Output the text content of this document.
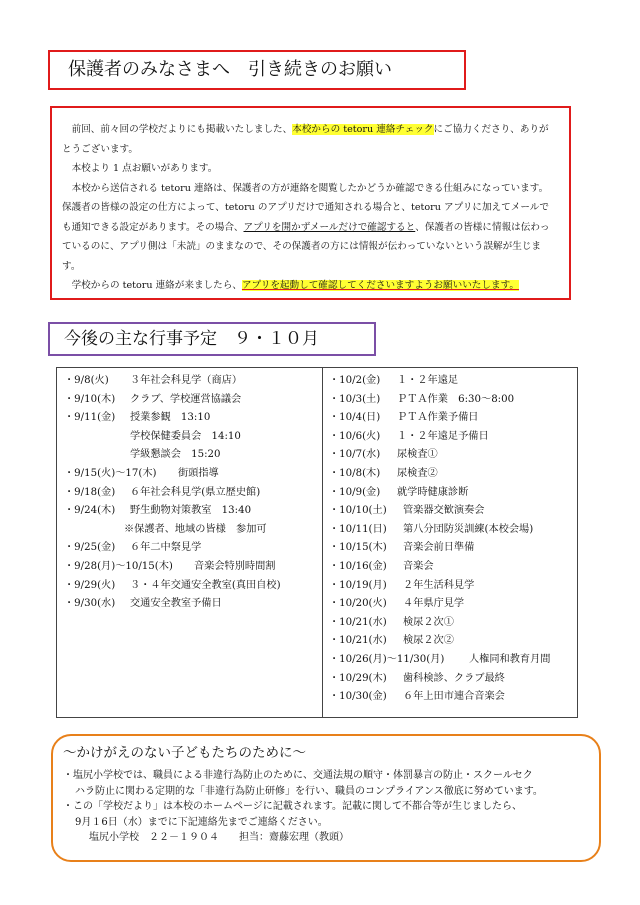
保護者のみなさまへ　引き続きのお願い

前回、前々回の学校だよりにも掲載いたしました、本校からの tetoru 連絡チェックにご協力くださり、ありがとうございます。

本校より 1 点お願いがあります。

本校から送信される tetoru 連絡は、保護者の方が連絡を閲覧したかどうか確認できる仕組みになっています。保護者の皆様の設定の仕方によって、tetoru のアプリだけで通知される場合と、tetoru アプリに加えてメールでも通知できる設定があります。その場合、アプリを開かずメールだけで確認すると、保護者の皆様に情報は伝わっているのに、アプリ側は「未読」のままなので、その保護者の方には情報が伝わっていないという誤解が生じます。

学校からの tetoru 連絡が来ましたら、アプリを起動して確認してくださいますようお願いいたします。

今後の主な行事予定　９・１０月
・9/8(火) ３年社会科見学（商店）
・9/10(木) クラブ、学校運営協議会
・9/11(金) 授業参観　13:10
学校保健委員会　14:10
学級懇談会　15:20
・9/15(火)～17(木) 街頭指導
・9/18(金) ６年社会科見学(県立歴史館)
・9/24(木) 野生動物対策教室　13:40
※保護者、地域の皆様　参加可
・9/25(金) ６年二中祭見学
・9/28(月)～10/15(木) 音楽会特別時間割
・9/29(火) ３・４年交通安全教室(真田自校)
・9/30(水) 交通安全教室予備日
・10/2(金) １・２年遠足
・10/3(土) ＰＴＡ作業　6:30～8:00
・10/4(日) ＰＴＡ作業予備日
・10/6(火) １・２年遠足予備日
・10/7(水) 尿検査①
・10/8(木) 尿検査②
・10/9(金) 就学時健康診断
・10/10(土) 管楽器交歓演奏会
・10/11(日) 第八分団防災訓練(本校会場)
・10/15(木) 音楽会前日準備
・10/16(金) 音楽会
・10/19(月) ２年生活科見学
・10/20(火) ４年県庁見学
・10/21(水) 検尿２次①
・10/21(水) 検尿２次②
・10/26(月)～11/30(月) 人権同和教育月間
・10/29(木) 歯科検診、クラブ最終
・10/30(金) ６年上田市連合音楽会
～かけがえのない子どもたちのために～
・塩尻小学校では、職員による非違行為防止のために、交通法規の順守・体罰暴言の防止・スクールセク
ハラ防止に関わる定期的な「非違行為防止研修」を行い、職員のコンプライアンス徹底に努めています。
・この「学校だより」は本校のホームページに記載されます。記載に関して不都合等が生じましたら、
9月１6日（水）までに下記連絡先までご連絡ください。
塩尻小学校　２２－１９０４　　担当：齋藤宏理（教頭）
